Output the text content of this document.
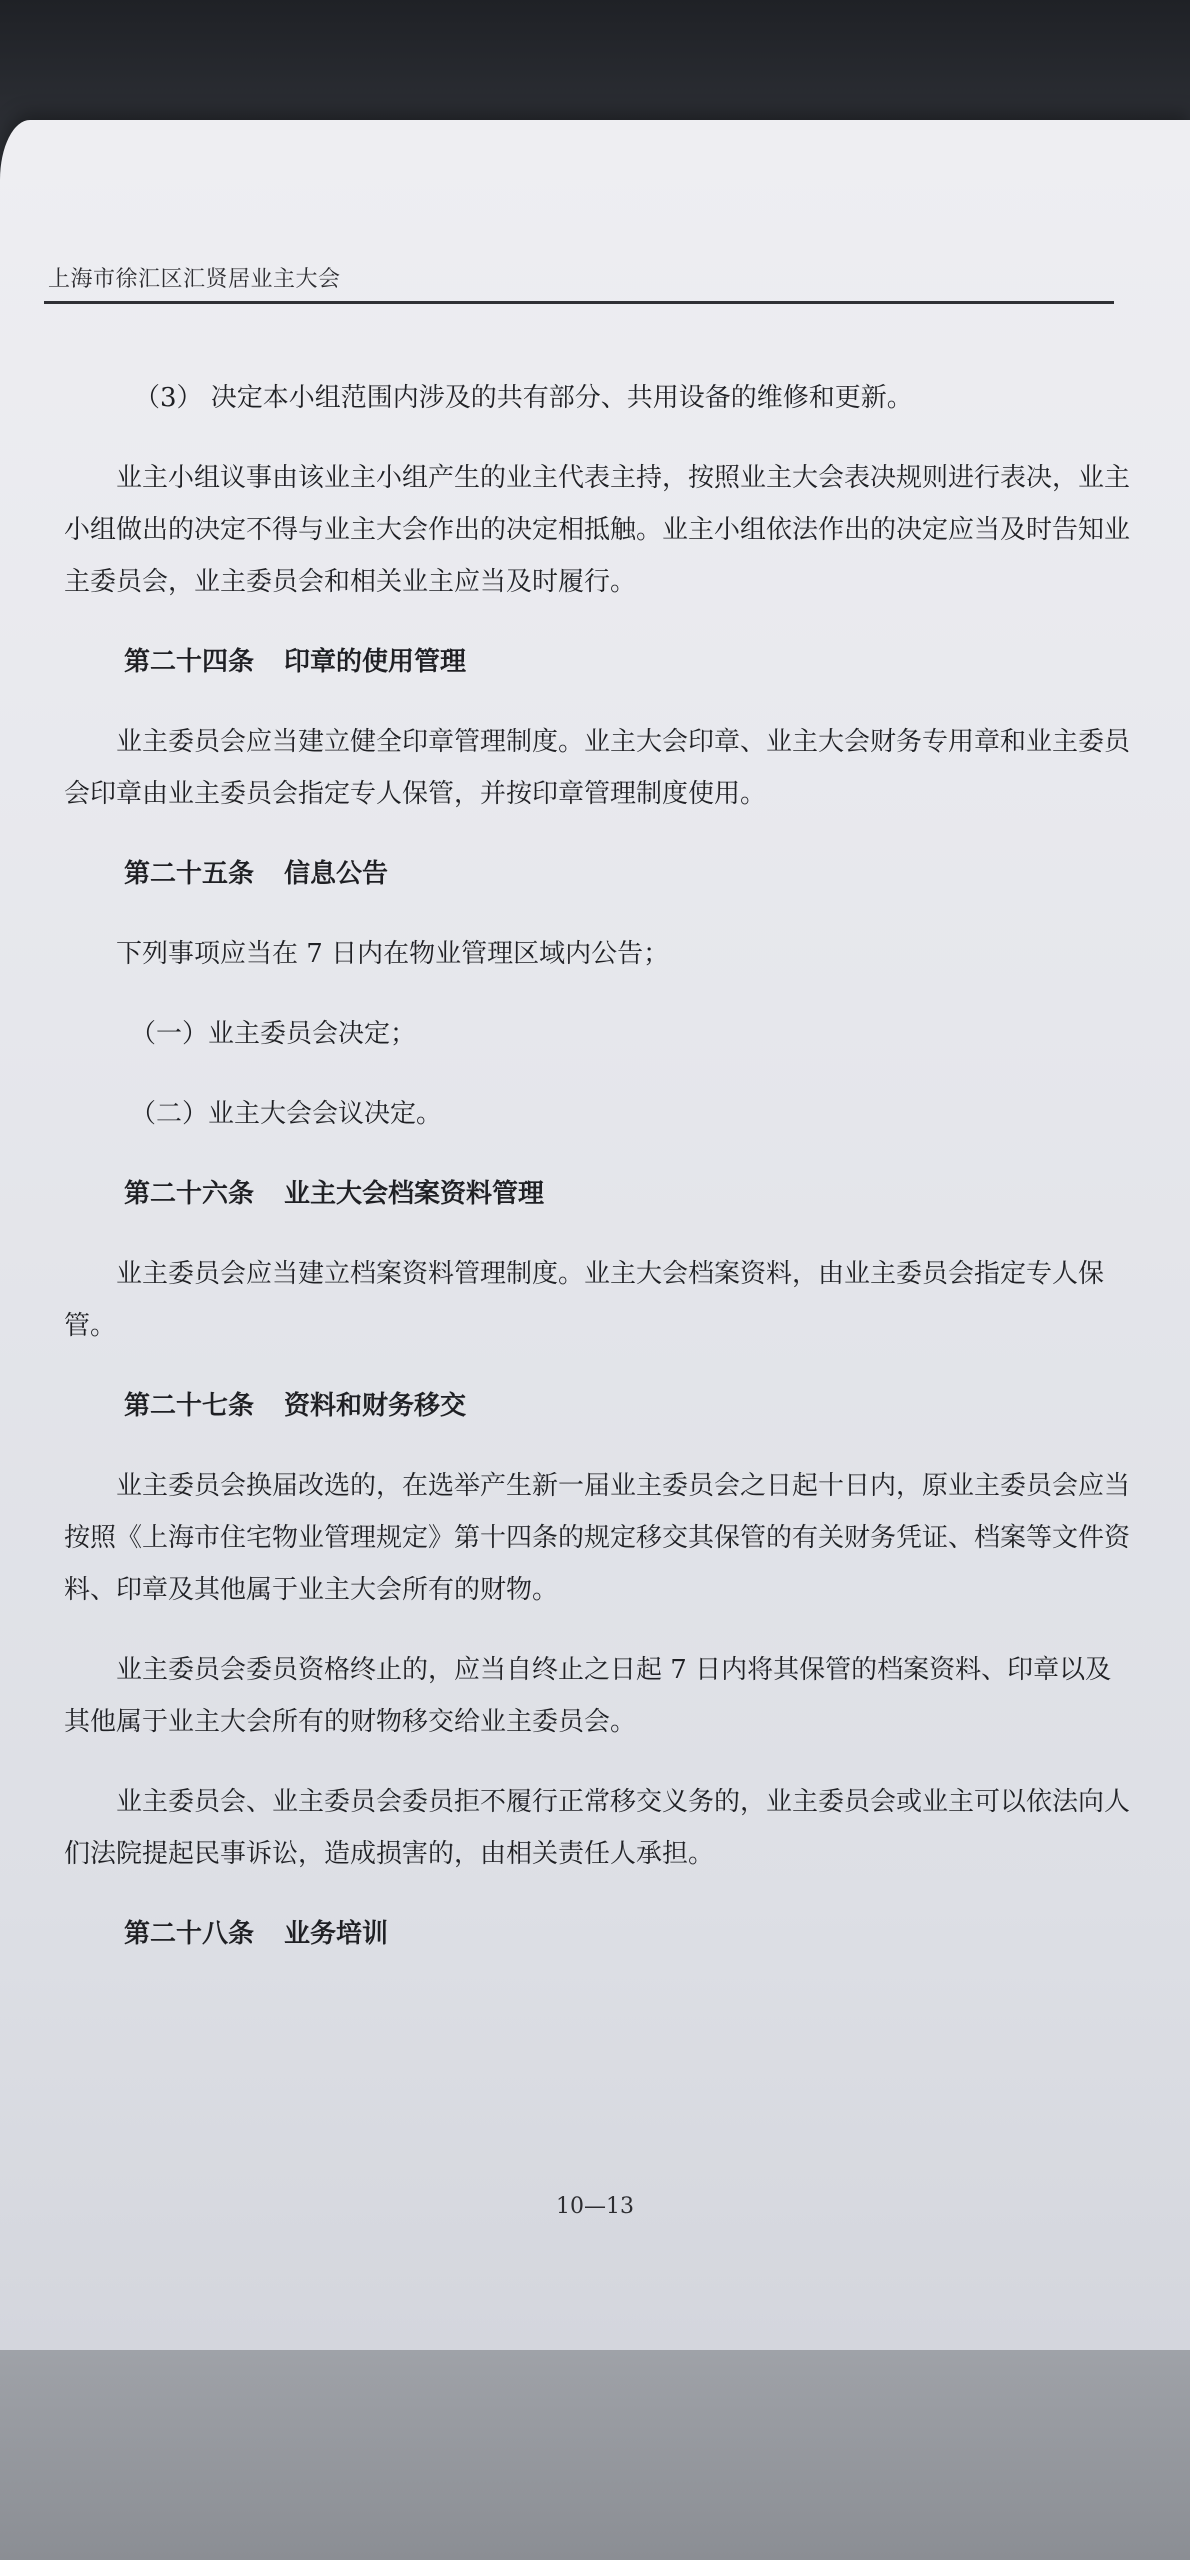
上海市徐汇区汇贤居业主大会

（3） 决定本小组范围内涉及的共有部分、共用设备的维修和更新。

业主小组议事由该业主小组产生的业主代表主持，按照业主大会表决规则进行表决，业主小组做出的决定不得与业主大会作出的决定相抵触。业主小组依法作出的决定应当及时告知业主委员会，业主委员会和相关业主应当及时履行。

第二十四条 印章的使用管理

业主委员会应当建立健全印章管理制度。业主大会印章、业主大会财务专用章和业主委员会印章由业主委员会指定专人保管，并按印章管理制度使用。

第二十五条 信息公告

下列事项应当在 7 日内在物业管理区域内公告；

（一）业主委员会决定；

（二）业主大会会议决定。

第二十六条 业主大会档案资料管理

业主委员会应当建立档案资料管理制度。业主大会档案资料，由业主委员会指定专人保管。

第二十七条 资料和财务移交

业主委员会换届改选的，在选举产生新一届业主委员会之日起十日内，原业主委员会应当按照《上海市住宅物业管理规定》第十四条的规定移交其保管的有关财务凭证、档案等文件资料、印章及其他属于业主大会所有的财物。

业主委员会委员资格终止的，应当自终止之日起 7 日内将其保管的档案资料、印章以及其他属于业主大会所有的财物移交给业主委员会。

业主委员会、业主委员会委员拒不履行正常移交义务的，业主委员会或业主可以依法向人们法院提起民事诉讼，造成损害的，由相关责任人承担。

第二十八条 业务培训

10—13
